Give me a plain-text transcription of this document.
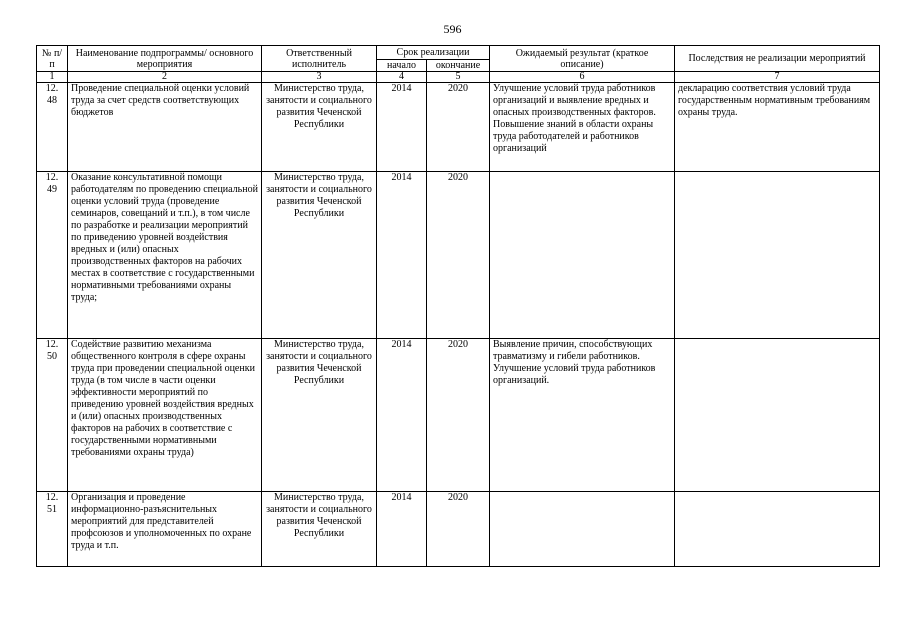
596
№ п/п	Наименование подпрограммы/ основного мероприятия	Ответственный исполнитель	Срок реализации		Ожидаемый результат (краткое описание)	Последствия не реализации мероприятий
			начало	окончание		
1	2	3	4	5	6	7
12. 48	Проведение специальной оценки условий труда за счет средств соответствующих бюджетов	Министерство труда, занятости и социального развития Чеченской Республики	2014	2020	Улучшение условий труда работников организаций и выявление вредных и опасных производственных факторов. Повышение знаний в области охраны труда работодателей и работников организаций	декларацию соответствия условий труда государственным нормативным требованиям охраны труда.
12. 49	Оказание консультативной помощи работодателям по проведению специальной оценки условий труда (проведение семинаров, совещаний и т.п.), в том числе по разработке и реализации мероприятий по приведению уровней воздействия вредных и (или) опасных производственных факторов на рабочих местах в соответствие с государственными нормативными требованиями охраны труда;	Министерство труда, занятости и социального развития Чеченской Республики	2014	2020		
12. 50	Содействие развитию механизма общественного контроля в сфере охраны труда при проведении специальной оценки труда (в том числе в части оценки эффективности мероприятий по приведению уровней воздействия вредных и (или) опасных производственных факторов на рабочих в соответствие с государственными нормативными требованиями охраны труда)	Министерство труда, занятости и социального развития Чеченской Республики	2014	2020	Выявление причин, способствующих травматизму и гибели работников. Улучшение условий труда работников организаций.	
12. 51	Организация и проведение информационно-разъяснительных мероприятий для представителей профсоюзов и уполномоченных по охране труда и т.п.	Министерство труда, занятости и социального развития Чеченской Республики	2014	2020		
